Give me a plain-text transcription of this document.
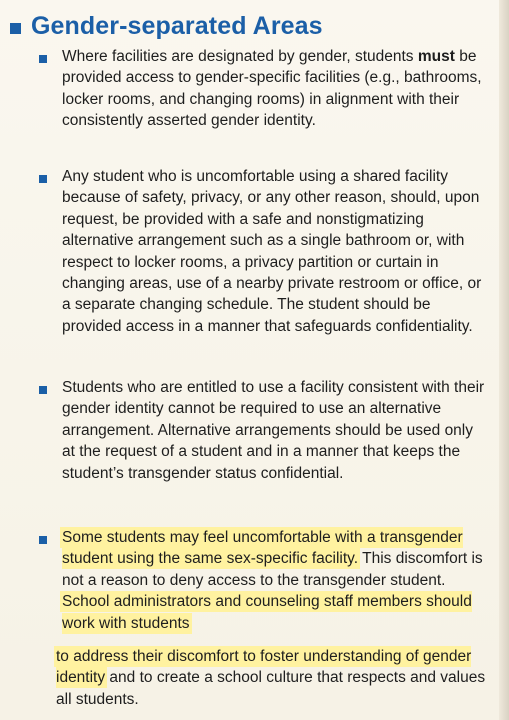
Gender-separated Areas

Where facilities are designated by gender, students must be provided access to gender-specific facilities (e.g., bathrooms, locker rooms, and changing rooms) in alignment with their consistently asserted gender identity.

Any student who is uncomfortable using a shared facility because of safety, privacy, or any other reason, should, upon request, be provided with a safe and nonstigmatizing alternative arrangement such as a single bathroom or, with respect to locker rooms, a privacy partition or curtain in changing areas, use of a nearby private restroom or office, or a separate changing schedule. The student should be provided access in a manner that safeguards confidentiality.

Students who are entitled to use a facility consistent with their gender identity cannot be required to use an alternative arrangement. Alternative arrangements should be used only at the request of a student and in a manner that keeps the student’s transgender status confidential.

Some students may feel uncomfortable with a transgender student using the same sex-specific facility. This discomfort is not a reason to deny access to the transgender student. School administrators and counseling staff members should work with students

to address their discomfort to foster understanding of gender identity and to create a school culture that respects and values all students.
